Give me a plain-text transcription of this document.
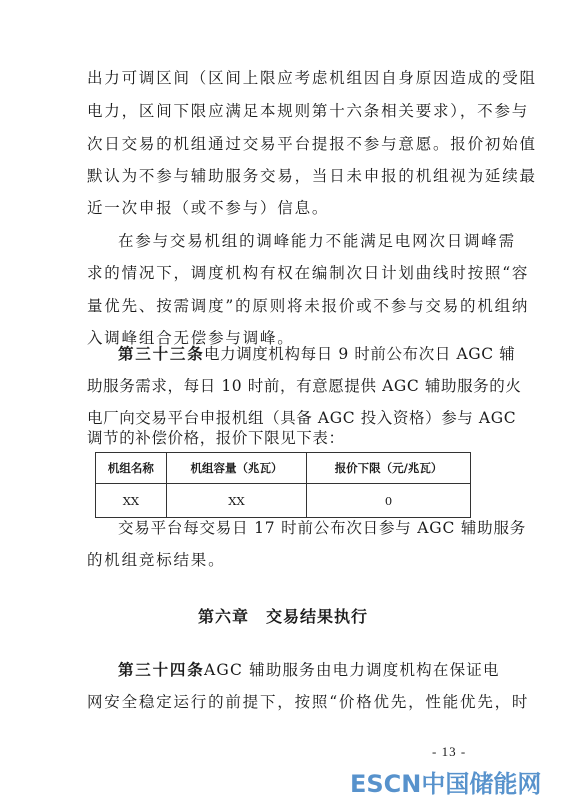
出力可调区间（区间上限应考虑机组因自身原因造成的受阻
电力，区间下限应满足本规则第十六条相关要求），不参与
次日交易的机组通过交易平台提报不参与意愿。报价初始值
默认为不参与辅助服务交易，当日未申报的机组视为延续最
近一次申报（或不参与）信息。
在参与交易机组的调峰能力不能满足电网次日调峰需
求的情况下，调度机构有权在编制次日计划曲线时按照“容
量优先、按需调度”的原则将未报价或不参与交易的机组纳
入调峰组合无偿参与调峰。
第三十三条 电力调度机构每日 9 时前公布次日 AGC 辅
助服务需求，每日 10 时前，有意愿提供 AGC 辅助服务的火
电厂向交易平台申报机组（具备 AGC 投入资格）参与 AGC
机组名称	机组容量（兆瓦）	报价下限（元/兆瓦）
XX	XX	0
交易平台每交易日 17 时前公布次日参与 AGC 辅助服务
的机组竞标结果。
第六章　交易结果执行
第三十四条 AGC 辅助服务由电力调度机构在保证电
网安全稳定运行的前提下，按照“价格优先，性能优先，时
- 13 -
ESCN中国储能网
调节的补偿价格，报价下限见下表：
